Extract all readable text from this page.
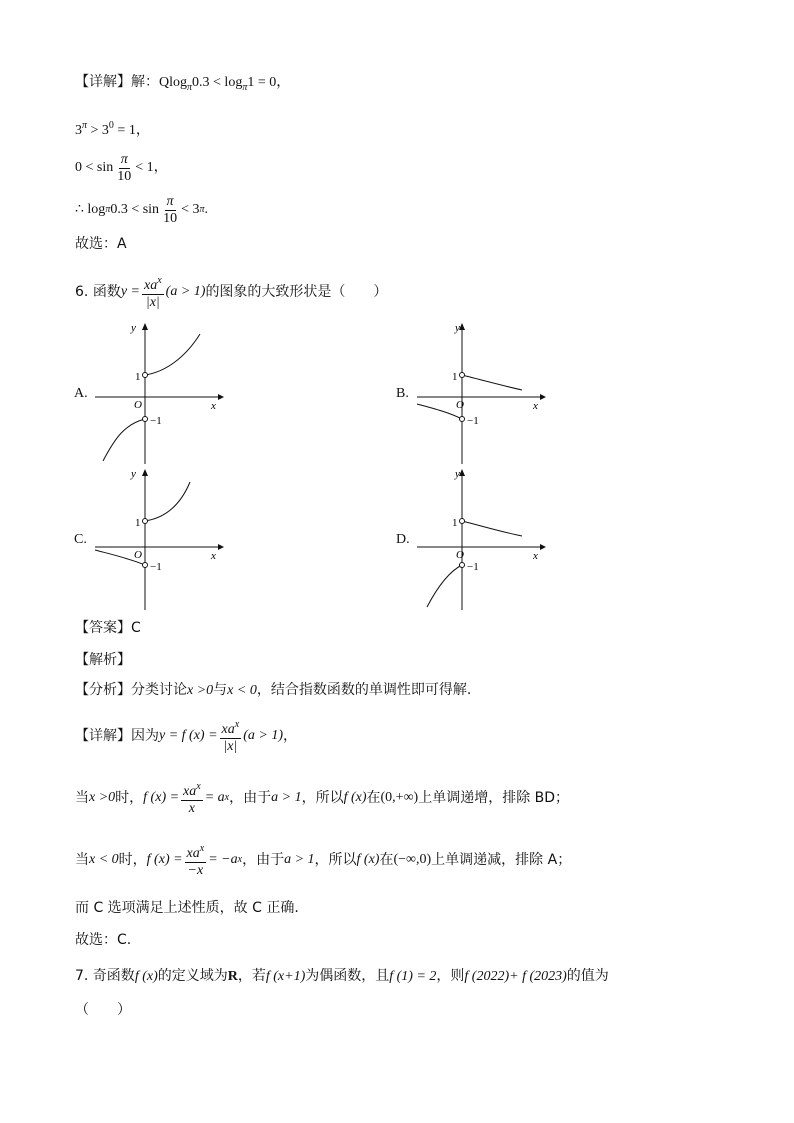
【详解】解：$Qlog_\pi 0.3 < \log_\pi 1 = 0$，
$3^\pi > 3^0 = 1$，
$0 < \sin \frac{\pi}{10} < 1$ ，
∴
log π $0.3 < \sin \frac{\pi}{10} < 3$ π .
故选：A
6.
函数 $y = \frac{xa^x}{|x|} (a > 1)$ 的图象的大致形状是（　　）
A.	B.
C.	D.
y
x
O
1
−1
y
x
O
1
−1
y
x
O
1
−1
y
x
O
1
−1
【答案】C
【解析】
【分析】分类讨论x >0与x < 0，结合指数函数的单调性即可得解.
【详解】 因为 y = f $(x) = \frac{xa^x}{|x|} (a > 1)$ ，
当 x >0 时， f $(x) = \frac{xa^x}{x} = a$ x ，由于 a > 1 ，所以 f (x) 在 (0,+∞) 上单调递增，排除 BD；
当 x < 0 时， f $(x) = \frac{xa^x}{-x} = -a$ x ，由于 a > 1 ，所以 f (x) 在 (−∞,0) 上单调递减，排除 A；
而 C 选项满足上述性质，故 C 正确.
故选：C.
7. 奇函数f (x)的定义域为R，若f (x+1)为偶函数，且f (1) = 2，则f (2022)+ f (2023)的值为
（　　）
